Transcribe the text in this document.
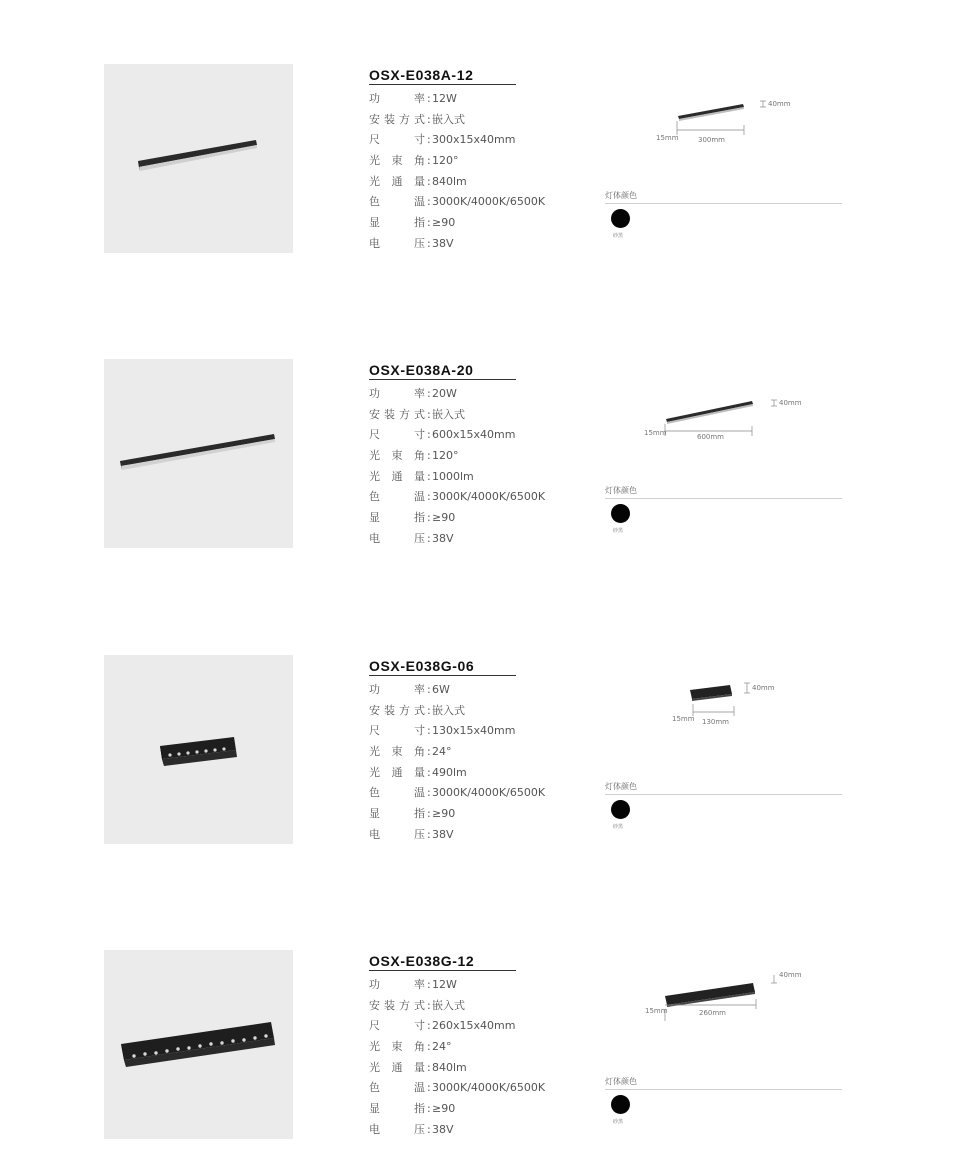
OSX-E038A-12
功 率 : 12W
安装方式 : 嵌入式
尺 寸 : 300x15x40mm
光束角 : 120°
光通量 : 840lm
色 温 : 3000K/4000K/6500K
显 指 : ≥90
电 压 : 38V
40mm
15mm	300mm
灯体颜色
砂黑
OSX-E038A-20
功 率 : 20W
安装方式 : 嵌入式
尺 寸 : 600x15x40mm
光束角 : 120°
光通量 : 1000lm
色 温 : 3000K/4000K/6500K
显 指 : ≥90
电 压 : 38V
40mm
15mm	600mm
灯体颜色
砂黑
OSX-E038G-06
功 率 : 6W
安装方式 : 嵌入式
尺 寸 : 130x15x40mm
光束角 : 24°
光通量 : 490lm
色 温 : 3000K/4000K/6500K
显 指 : ≥90
电 压 : 38V
40mm
15mm 130mm
灯体颜色
砂黑
OSX-E038G-12
功 率 : 12W
安装方式 : 嵌入式
尺 寸 : 260x15x40mm
光束角 : 24°
光通量 : 840lm
色 温 : 3000K/4000K/6500K
显 指 : ≥90
电 压 : 38V
40mm
15mm	260mm
灯体颜色
砂黑
